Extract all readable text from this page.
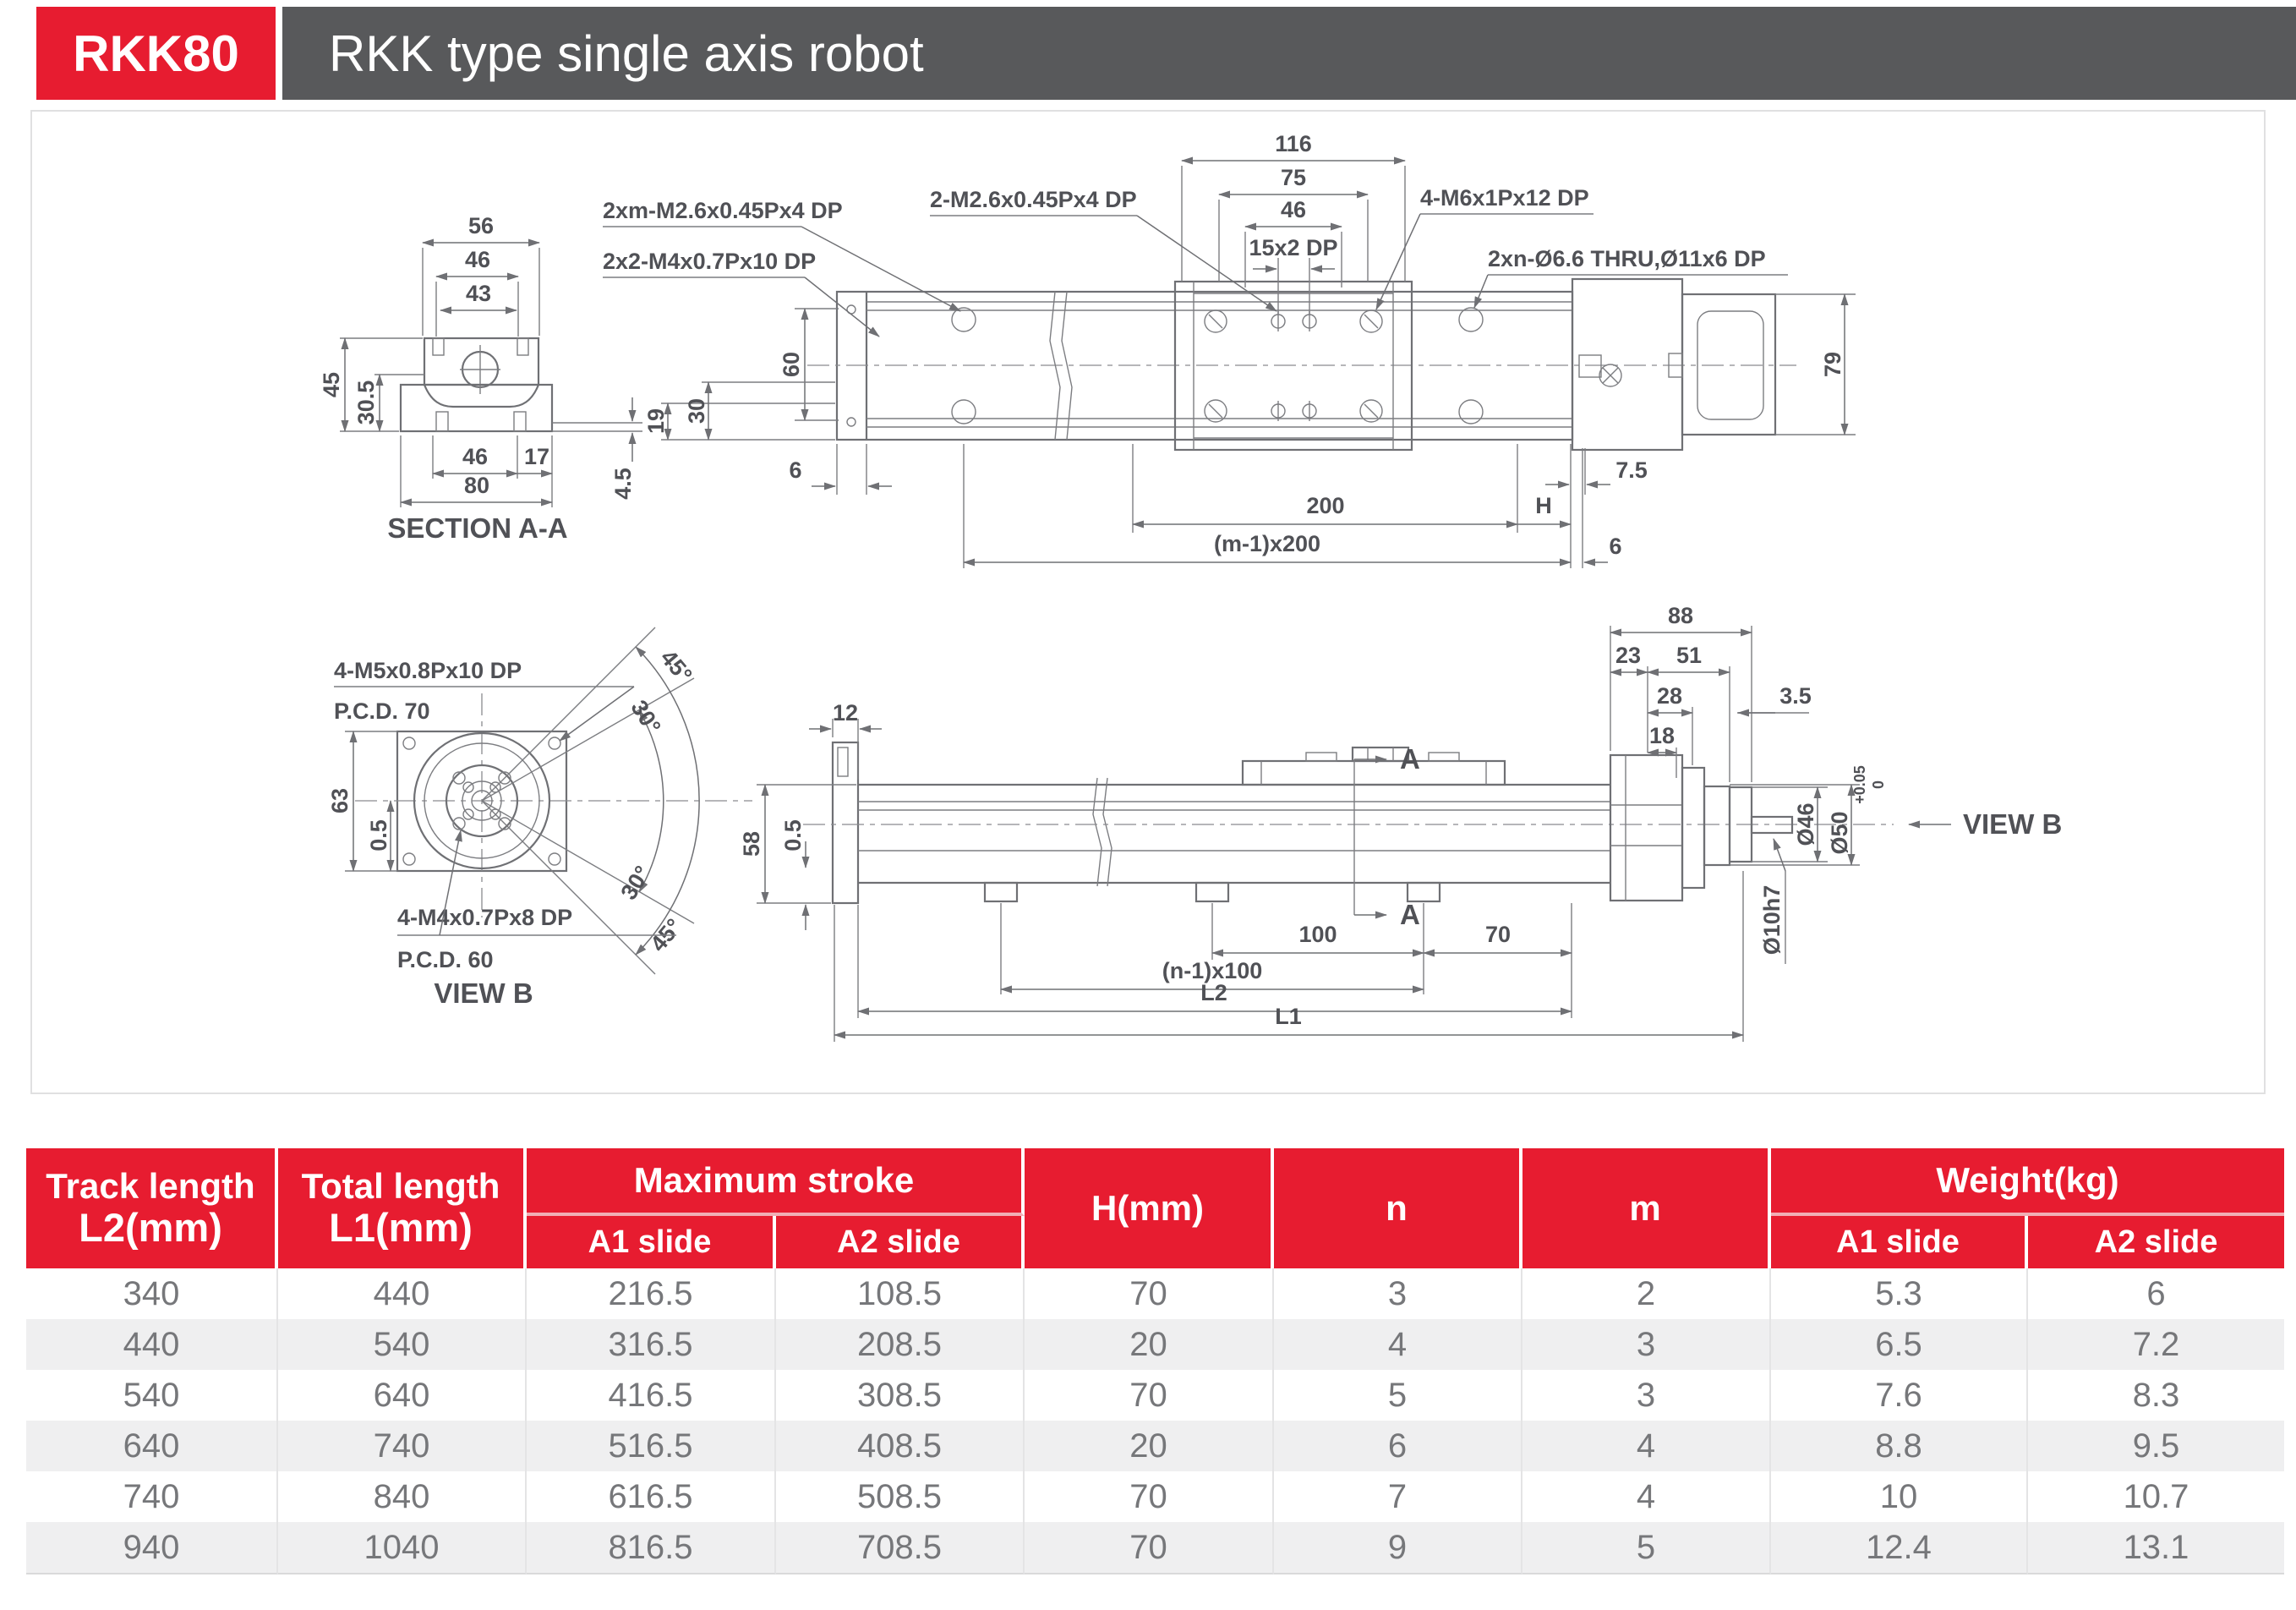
RKK80	RKK type single axis robot
56
46
43
45 30.5
46 17
80	4.5
SECTION A-A
116
75
46
15x2 DP
2xm-M2.6x0.45Px4 DP
2x2-M4x0.7Px10 DP
2-M2.6x0.45Px4 DP	4-M6x1Px12 DP
2xn-Ø6.6 THRU,Ø11x6 DP
79
60
19 30
6
200	H
7.5
(m-1)x200	6
45°
30°
30°
45°
63
0.5
4-M5x0.8Px10 DP
P.C.D. 70
4-M4x0.7Px8 DP
P.C.D. 60
VIEW B
A
A
88
23 51
28
18
3.5
12
58 0.5	Ø46 Ø50
+0.05 0
VIEW B
Ø10h7
100	70
(n-1)x100
L2
L1
Track length
L2(mm)	Total length
L1(mm)	Maximum stroke		H(mm)	n	m	Weight(kg)	
		A1 slide	A2 slide				A1 slide	A2 slide
340	440	216.5	108.5	70	3	2	5.3	6
440	540	316.5	208.5	20	4	3	6.5	7.2
540	640	416.5	308.5	70	5	3	7.6	8.3
640	740	516.5	408.5	20	6	4	8.8	9.5
740	840	616.5	508.5	70	7	4	10	10.7
940	1040	816.5	708.5	70	9	5	12.4	13.1
